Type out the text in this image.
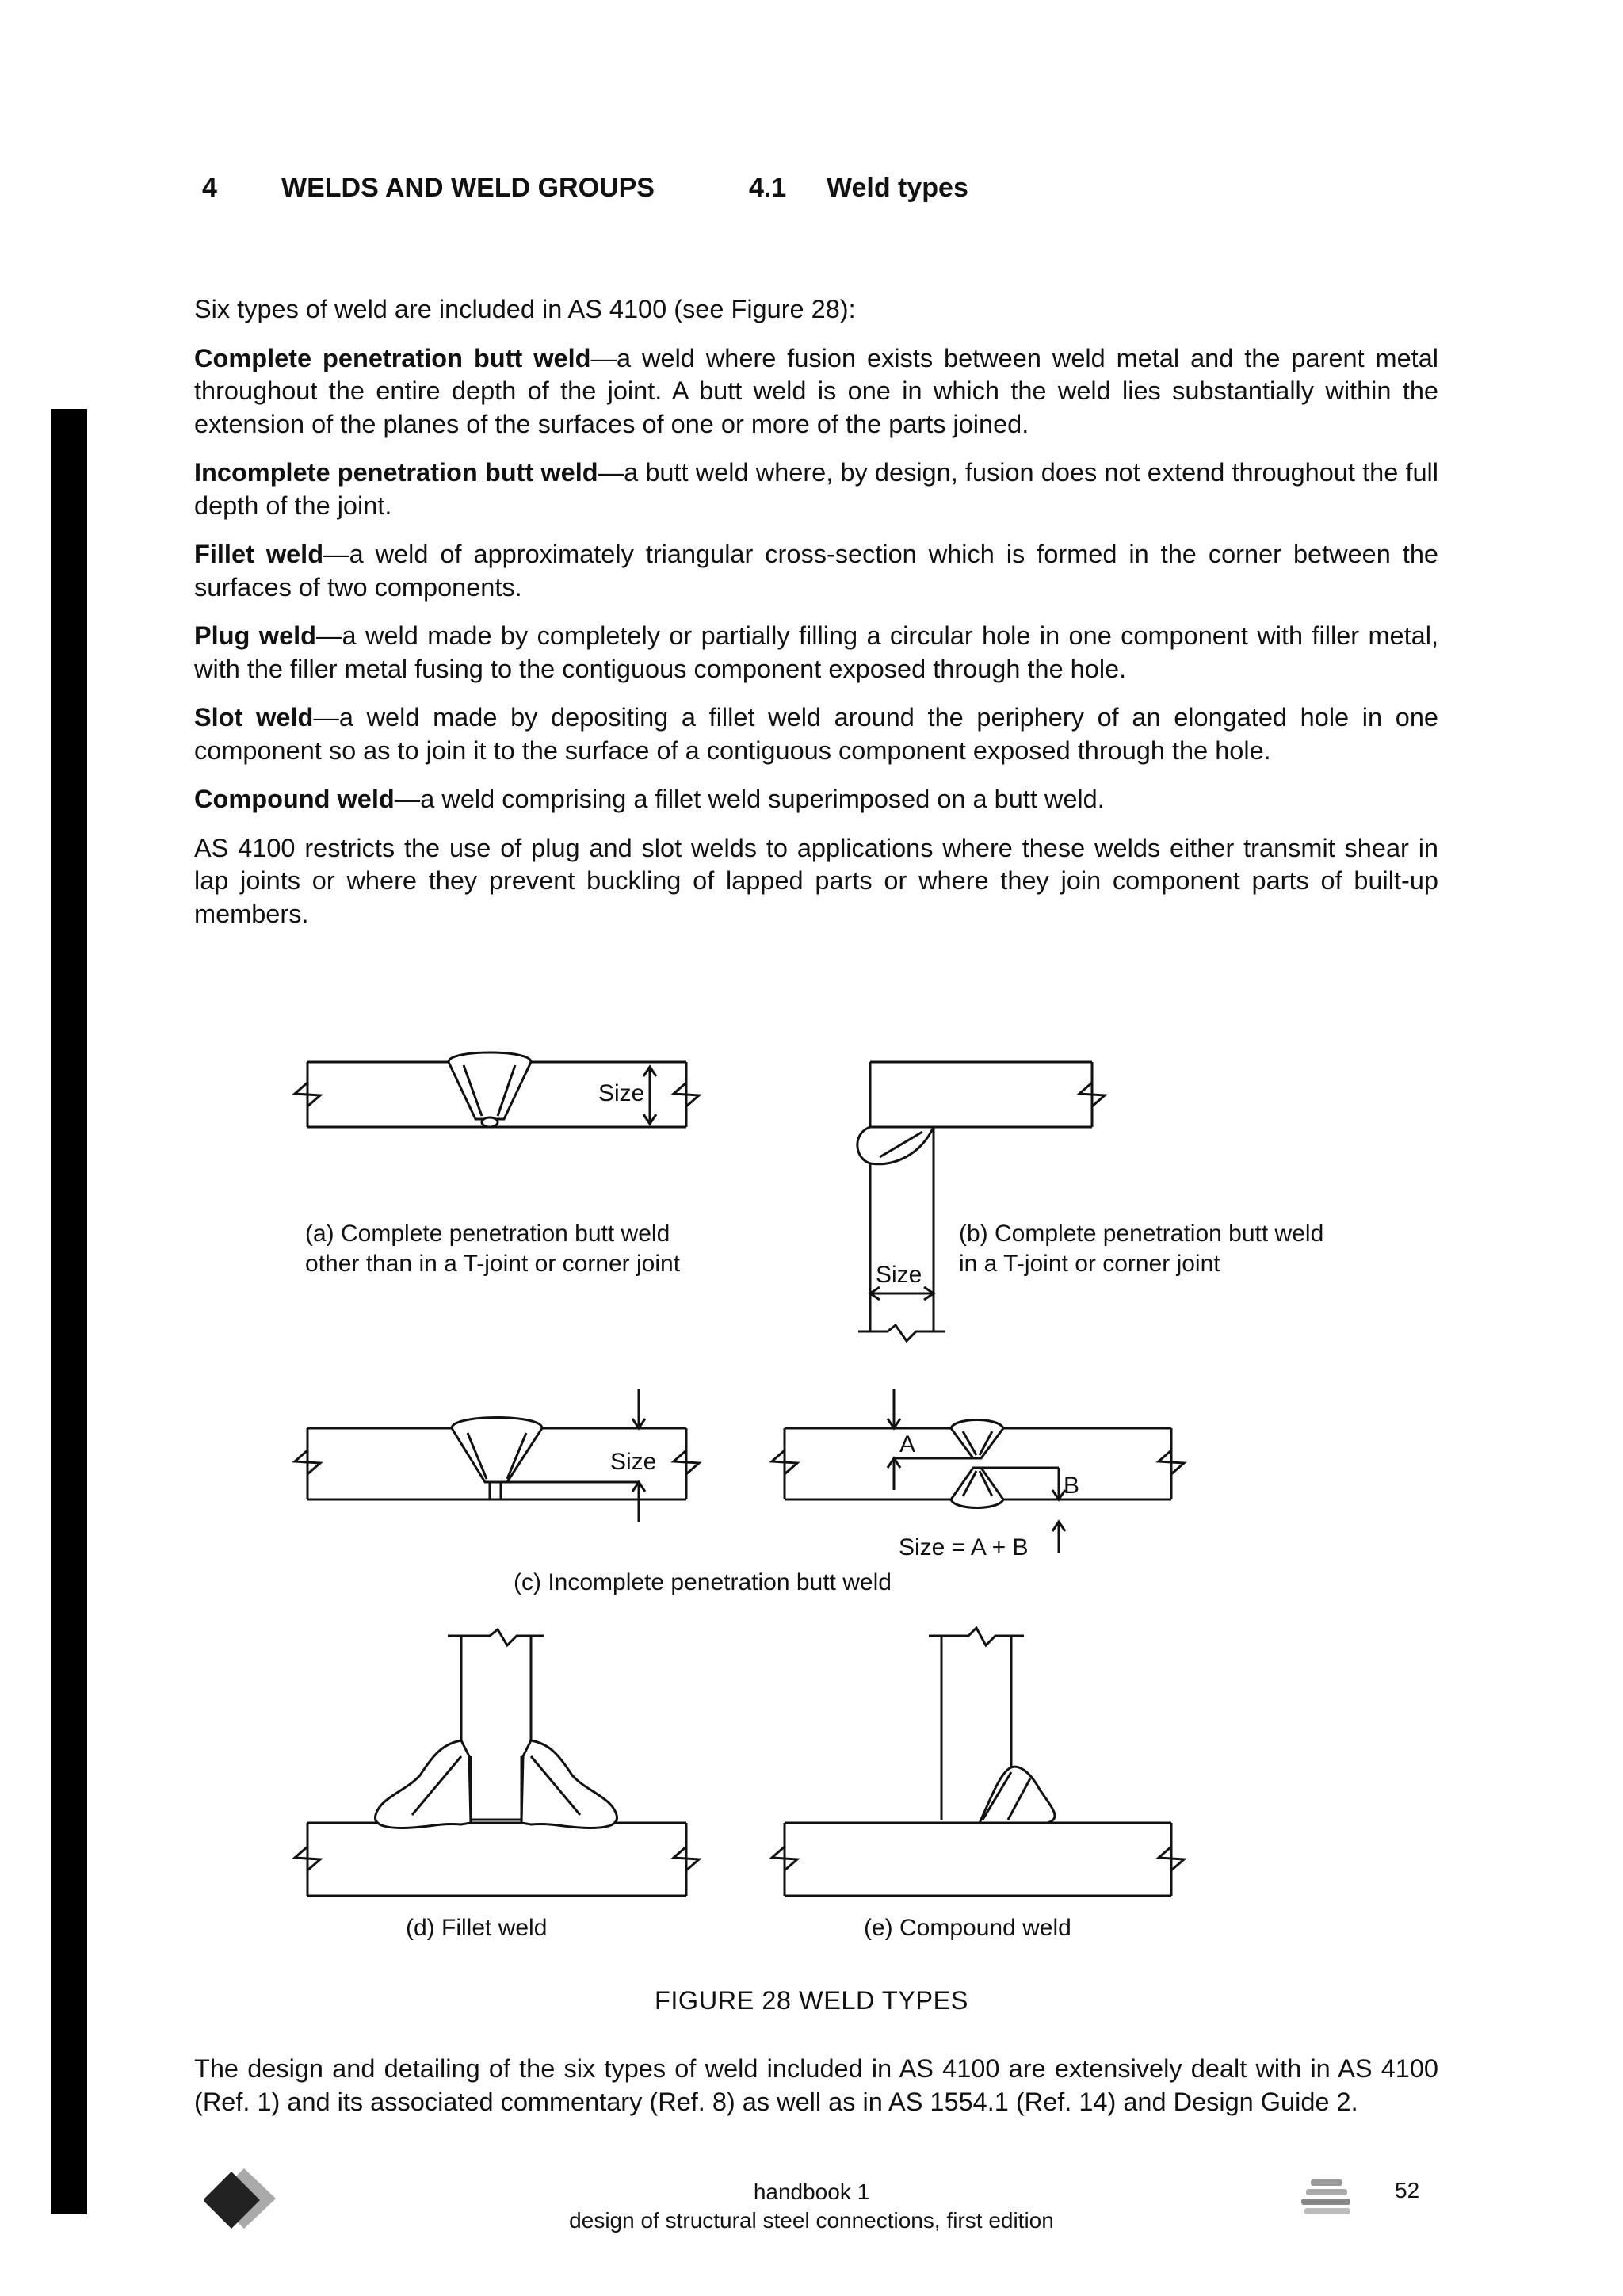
4 WELDS AND WELD GROUPS	4.1 Weld types

Six types of weld are included in AS 4100 (see Figure 28):

Complete penetration butt weld—a weld where fusion exists between weld metal and the parent metal throughout the entire depth of the joint. A butt weld is one in which the weld lies substantially within the extension of the planes of the surfaces of one or more of the parts joined.

Incomplete penetration butt weld—a butt weld where, by design, fusion does not extend throughout the full depth of the joint.

Fillet weld—a weld of approximately triangular cross-section which is formed in the corner between the surfaces of two components.

Plug weld—a weld made by completely or partially filling a circular hole in one component with filler metal, with the filler metal fusing to the contiguous component exposed through the hole.

Slot weld—a weld made by depositing a fillet weld around the periphery of an elongated hole in one component so as to join it to the surface of a contiguous component exposed through the hole.

Compound weld—a weld comprising a fillet weld superimposed on a butt weld.

AS 4100 restricts the use of plug and slot welds to applications where these welds either transmit shear in lap joints or where they prevent buckling of lapped parts or where they join component parts of built-up members.

Size
(a) Complete penetration butt weld
other than in a T-joint or corner joint	Size
(b) Complete penetration butt weld
in a T-joint or corner joint
Size
A
B
Size = A + B
(c) Incomplete penetration butt weld
(d) Fillet weld	(e) Compound weld
FIGURE 28 WELD TYPES
The design and detailing of the six types of weld included in AS 4100 are extensively dealt with in AS 4100 (Ref. 1) and its associated commentary (Ref. 8) as well as in AS 1554.1 (Ref. 14) and Design Guide 2.
handbook 1
design of structural steel connections, first edition
52
